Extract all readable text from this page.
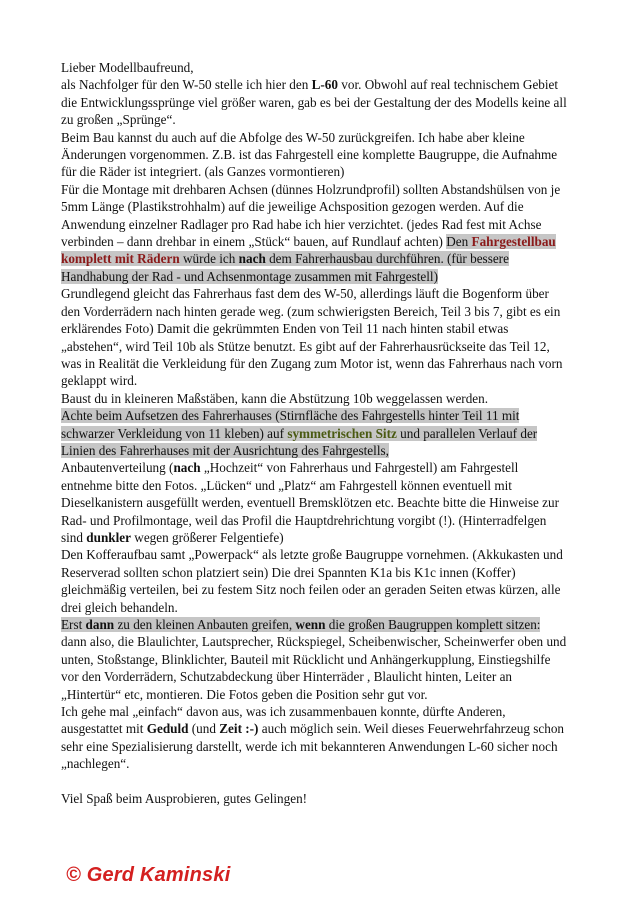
Lieber Modellbaufreund,

als Nachfolger für den W-50 stelle ich hier den L-60 vor. Obwohl auf real technischem Gebiet die Entwicklungssprünge viel größer waren, gab es bei der Gestaltung der des Modells keine all zu großen „Sprünge“.

Beim Bau kannst du auch auf die Abfolge des W-50 zurückgreifen. Ich habe aber kleine Änderungen vorgenommen. Z.B. ist das Fahrgestell eine komplette Baugruppe, die Aufnahme für die Räder ist integriert. (als Ganzes vormontieren)

Für die Montage mit drehbaren Achsen (dünnes Holzrundprofil) sollten Abstandshülsen von je 5mm Länge (Plastikstrohhalm) auf die jeweilige Achsposition gezogen werden. Auf die Anwendung einzelner Radlager pro Rad habe ich hier verzichtet. (jedes Rad fest mit Achse verbinden – dann drehbar in einem „Stück“ bauen, auf Rundlauf achten) Den Fahrgestellbau komplett mit Rädern würde ich nach dem Fahrerhausbau durchführen. (für bessere Handhabung der Rad - und Achsenmontage zusammen mit Fahrgestell)

Grundlegend gleicht das Fahrerhaus fast dem des W-50, allerdings läuft die Bogenform über den Vorderrädern nach hinten gerade weg. (zum schwierigsten Bereich, Teil 3 bis 7, gibt es ein erklärendes Foto) Damit die gekrümmten Enden von Teil 11 nach hinten stabil etwas „abstehen“, wird Teil 10b als Stütze benutzt. Es gibt auf der Fahrerhausrückseite das Teil 12, was in Realität die Verkleidung für den Zugang zum Motor ist, wenn das Fahrerhaus nach vorn geklappt wird.

Baust du in kleineren Maßstäben, kann die Abstützung 10b weggelassen werden.

Achte beim Aufsetzen des Fahrerhauses (Stirnfläche des Fahrgestells hinter Teil 11 mit schwarzer Verkleidung von 11 kleben) auf symmetrischen Sitz und parallelen Verlauf der Linien des Fahrerhauses mit der Ausrichtung des Fahrgestells,

Anbautenverteilung (nach „Hochzeit“ von Fahrerhaus und Fahrgestell) am Fahrgestell entnehme bitte den Fotos. „Lücken“ und „Platz“ am Fahrgestell können eventuell mit Dieselkanistern ausgefüllt werden, eventuell Bremsklötzen etc. Beachte bitte die Hinweise zur Rad- und Profilmontage, weil das Profil die Hauptdrehrichtung vorgibt (!). (Hinterradfelgen sind dunkler wegen größerer Felgentiefe)

Den Kofferaufbau samt „Powerpack“ als letzte große Baugruppe vornehmen. (Akkukasten und Reserverad sollten schon platziert sein) Die drei Spannten K1a bis K1c innen (Koffer) gleichmäßig verteilen, bei zu festem Sitz noch feilen oder an geraden Seiten etwas kürzen, alle drei gleich behandeln.

Erst dann zu den kleinen Anbauten greifen, wenn die großen Baugruppen komplett sitzen: dann also, die Blaulichter, Lautsprecher, Rückspiegel, Scheibenwischer, Scheinwerfer oben und unten, Stoßstange, Blinklichter, Bauteil mit Rücklicht und Anhängerkupplung, Einstiegshilfe vor den Vorderrädern, Schutzabdeckung über Hinterräder , Blaulicht hinten, Leiter an „Hintertür“ etc, montieren. Die Fotos geben die Position sehr gut vor.

Ich gehe mal „einfach“ davon aus, was ich zusammenbauen konnte, dürfte Anderen, ausgestattet mit Geduld (und Zeit :-) auch möglich sein. Weil dieses Feuerwehrfahrzeug schon sehr eine Spezialisierung darstellt, werde ich mit bekannteren Anwendungen L-60 sicher noch „nachlegen“.

Viel Spaß beim Ausprobieren, gutes Gelingen!

© Gerd Kaminski
